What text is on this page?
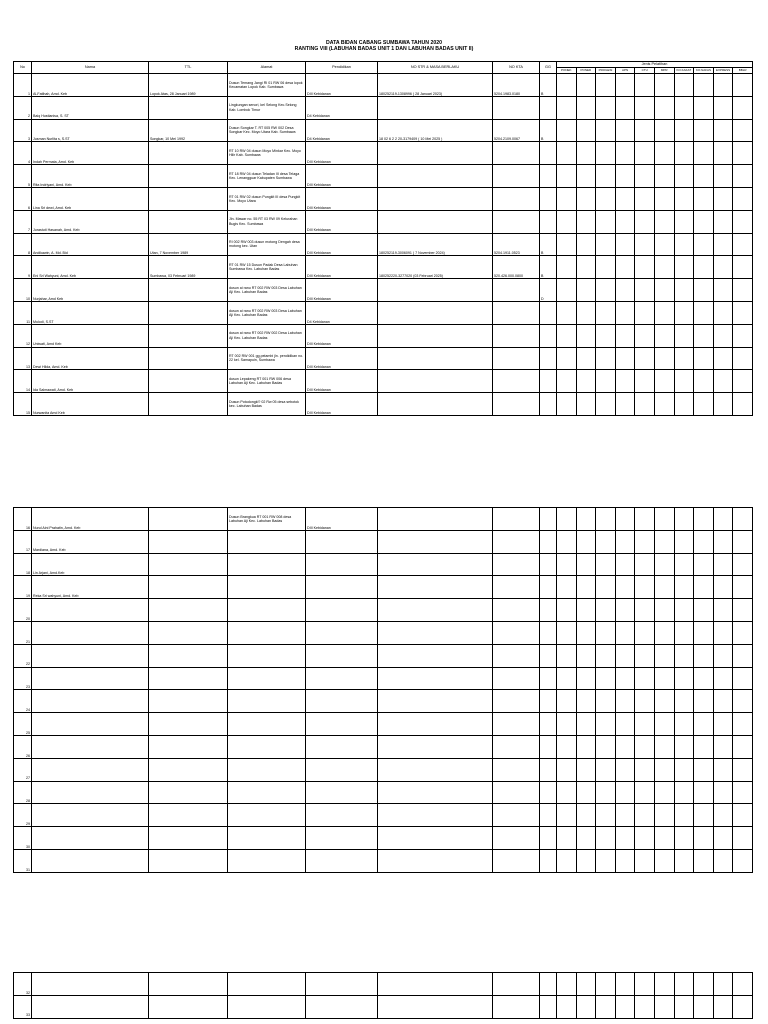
DATA BIDAN CABANG SUMBAWA TAHUN 2020
RANTING VIII (LABUHAN BADAS UNIT 1 DAN LABUHAN BADAS UNIT II)
No	Nama	TTL	Alamat	Pendidikan	NO STR & MASA BERLAKU	NO KTA	GG	Jenis Pelatihan									
								PONEK	PONED	PROGESI	APN	CTU	MPR	KO.KAKAT	KO.NAFAS	EXPRESS	BBLR
1	Al-Fatihah, Amd. Keb	Lopok Atas, 28 Januari 1989	Dusun Temang Jangi RI 01 RW 06 desa lopok Kecamatan Lopok Kab. Sumbawa	DIII Kebidanan	180252119-1308996 ( 28 Januari 2023)	5204.1983.0180	B										
2	Baiq Hustianisa, S. ST		Lingkungan senori, kel Selong Kec.Selong Kab. Lombok Timur	D4 Kebidanan													
3	Jusman Nurlita s, S.ST	Songkar, 10 Mei 1992	Dusun Songkar T. RT 005 RW 002 Desa Songkar Kec. Moyo Utara Kab. Sumbawa	D4 Kebidanan	18 02 6 2 2 20-3179409 ( 10 Mei 2025 )	5204.2109.0067	B										
4	Indah Permata, Amd. Keb		RT 10 RW 04 dusun Moyo Minkar Kec. Moyo Hilir Kab. Sumbawa	DIII Kebidanan													
5	Rita Indriyani, Amd. Keb		RT 18 RW 04 dusun Teladan III desa Telaga Kec. Lenangguar Kabupaten Sumbawa	DIII Kebidanan													
6	Lina Sri dewi, Amd. Keb		RT 01 RW 02 dusun Pungkit III desa Pungkit Kec. Moyo Utara	DIII Kebidanan													
7	Jurastuti Hasanah, Amd. Keb		Jln. Mawar no. 55 RT 03 RW 09 Kelurahan Bugis Kec. Sumbawa	DIII Kebidanan													
8	Andikawin, A. Md. Bid	Utan, 7 November 1989	RI 002 RW 003 dusun motong Dengah desa motong kec. Utan	DIII Kebidanan	180252119-3006091 ( 7 November 2024)	5204.1911.0523	B										
9	Eni Sri Wahyuni, Amd. Keb	Sumbawa, 03 Februari 1989	RT 01 RW 15 Dusun Padak Desa Labuhan Sumbawa Kec. Labuhan Badas	DIII Kebidanan	180252220-3277020 (03 Februari 2025)	520.426.000.0800	B										
10	Nurjahar, Amd Keb		dusun ai ranu RT 002 RW 003 Desa Labuhan Aji Kec. Labuhan Badas	DIII Kebidanan			D										
11	Mulodi, S.ST		dusun ai ranu RT 002 RW 003 Desa Labuhan Aji Kec. Labuhan Badas	D4 Kebidanan													
12	Uniwati, Amd Keb		dusun ai ranu RT 002 RW 002 Desa Labuhan Aji Kec. Labuhan Badas	DIII Kebidanan													
13	Dewi Hilda, Amd. Keb		RT 002 RW 001 gg.pelambi jln. pendidikan no. 22 kel. Samapuin, Sumbawa	DIII Kebidanan													
14	Ida Salmawati, Amd. Keb		dusun Lepakeng RT 001 RW 006 desa Labuhan Aji Kec. Labuhan Badas	DIII Kebidanan													
15	Nurwanita Amd Keb		Dusun Potodongkl? 02 Rw 05 desa sebotok kec. Labuhan Badas	DIII Kebidanan													
16	Nurul Aini Prahatin, Amd. Keb		Dusun Brangkua RT 001 RW 008 desa Labuhan Aji Kec. Labuhan Badas	DIII Kebidanan													
17	Mardiana, Amd. Keb																
18	Lin Arjani, Amd.Keb																
19	Reka Sri wahyuni, Amd. Keb																
20																	
21																	
22																	
23																	
24																	
25																	
26																	
27																	
28																	
29																	
30																	
31																	
32																	
33																	
